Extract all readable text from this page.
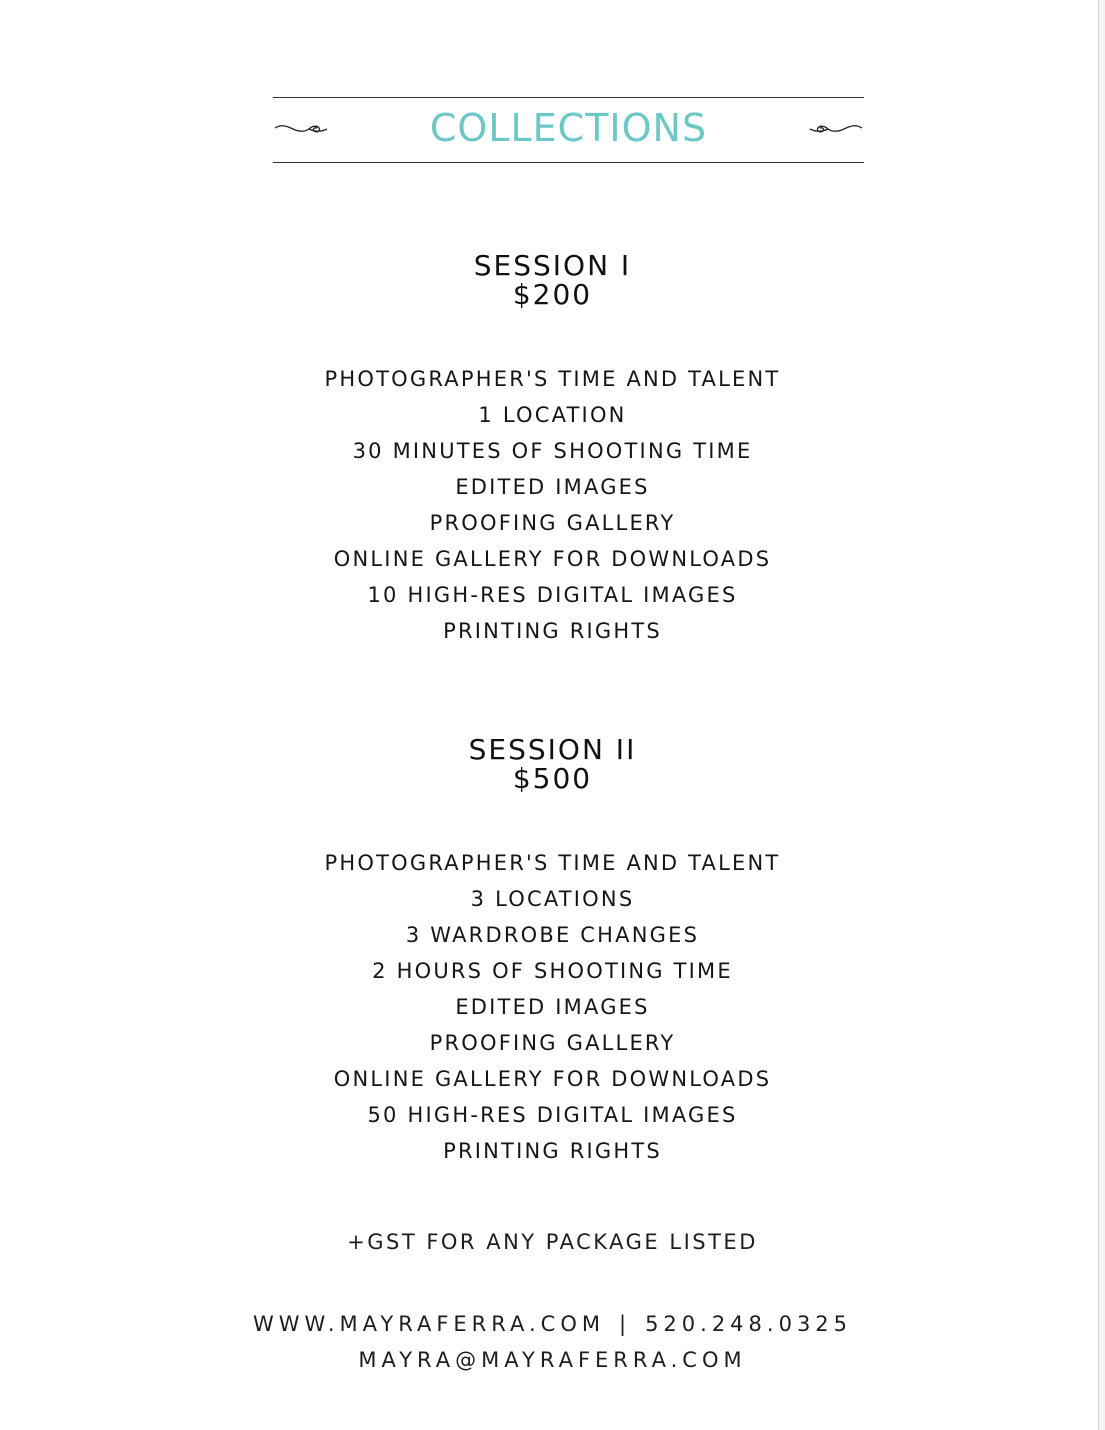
COLLECTIONS
SESSION I
$200
PHOTOGRAPHER'S TIME AND TALENT
1 LOCATION
30 MINUTES OF SHOOTING TIME
EDITED IMAGES
PROOFING GALLERY
ONLINE GALLERY FOR DOWNLOADS
10 HIGH-RES DIGITAL IMAGES
PRINTING RIGHTS
SESSION II
$500
PHOTOGRAPHER'S TIME AND TALENT
3 LOCATIONS
3 WARDROBE CHANGES
2 HOURS OF SHOOTING TIME
EDITED IMAGES
PROOFING GALLERY
ONLINE GALLERY FOR DOWNLOADS
50 HIGH-RES DIGITAL IMAGES
PRINTING RIGHTS
+GST FOR ANY PACKAGE LISTED
WWW.MAYRAFERRA.COM | 520.248.0325
MAYRA@MAYRAFERRA.COM
